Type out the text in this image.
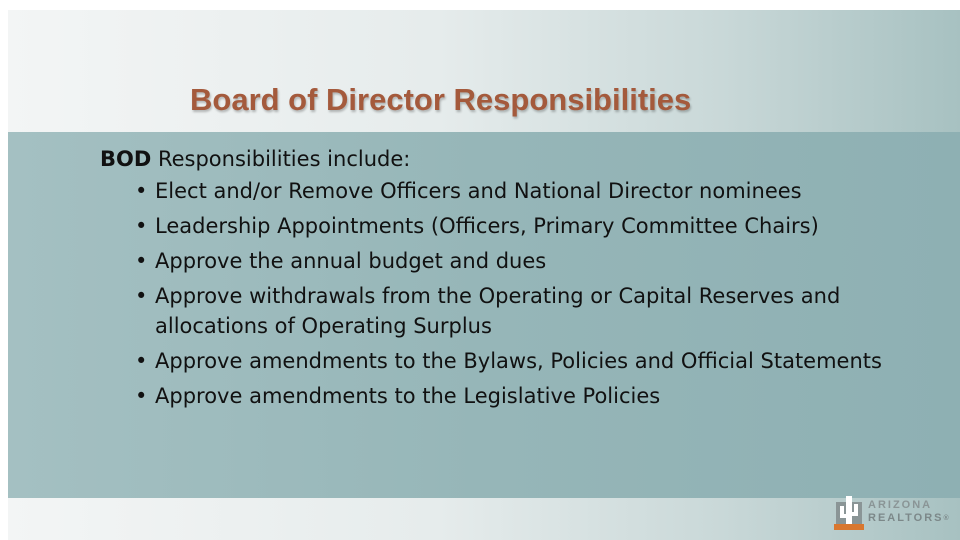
Board of Director Responsibilities

BOD Responsibilities include:

• Elect and/or Remove Officers and National Director nominees
• Leadership Appointments (Officers, Primary Committee Chairs)
• Approve the annual budget and dues
• Approve withdrawals from the Operating or Capital Reserves and allocations of Operating Surplus
• Approve amendments to the Bylaws, Policies and Official Statements
• Approve amendments to the Legislative Policies
ARIZONA
REALTORS®
